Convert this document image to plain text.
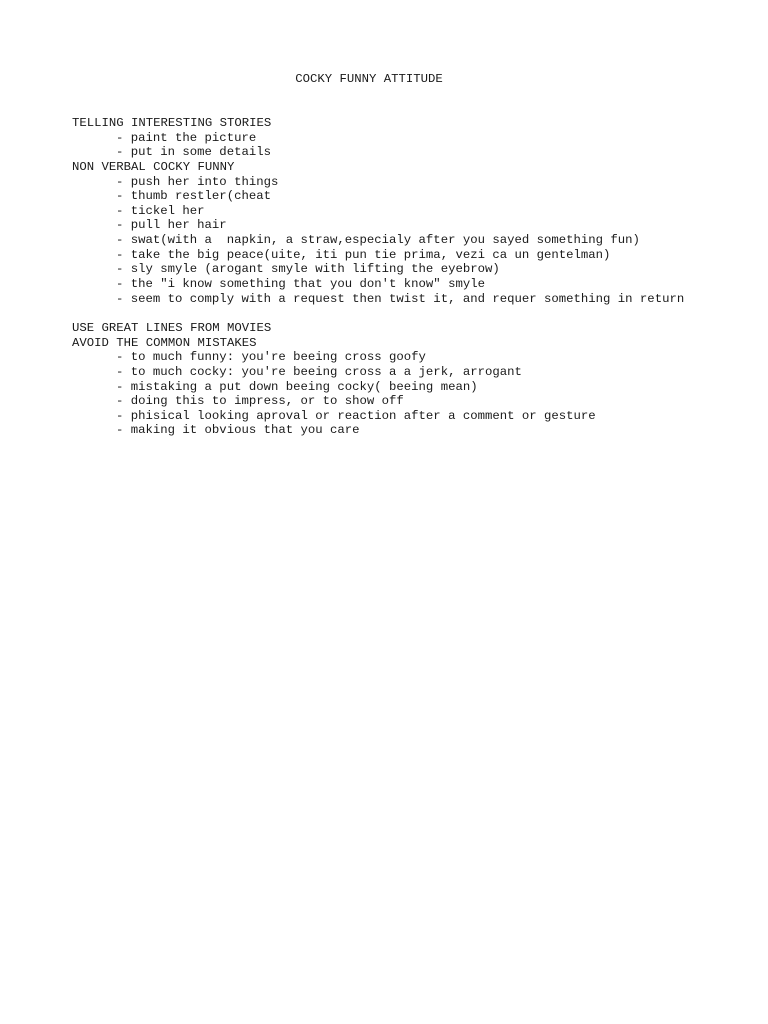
COCKY FUNNY ATTITUDE
TELLING INTERESTING STORIES
- paint the picture
- put in some details
NON VERBAL COCKY FUNNY
- push her into things
- thumb restler(cheat
- tickel her
- pull her hair
- swat(with a  napkin, a straw,especialy after you sayed something fun)
- take the big peace(uite, iti pun tie prima, vezi ca un gentelman)
- sly smyle (arogant smyle with lifting the eyebrow)
- the "i know something that you don't know" smyle
- seem to comply with a request then twist it, and requer something in return
USE GREAT LINES FROM MOVIES
AVOID THE COMMON MISTAKES
- to much funny: you're beeing cross goofy
- to much cocky: you're beeing cross a a jerk, arrogant
- mistaking a put down beeing cocky( beeing mean)
- doing this to impress, or to show off
- phisical looking aproval or reaction after a comment or gesture
- making it obvious that you care
